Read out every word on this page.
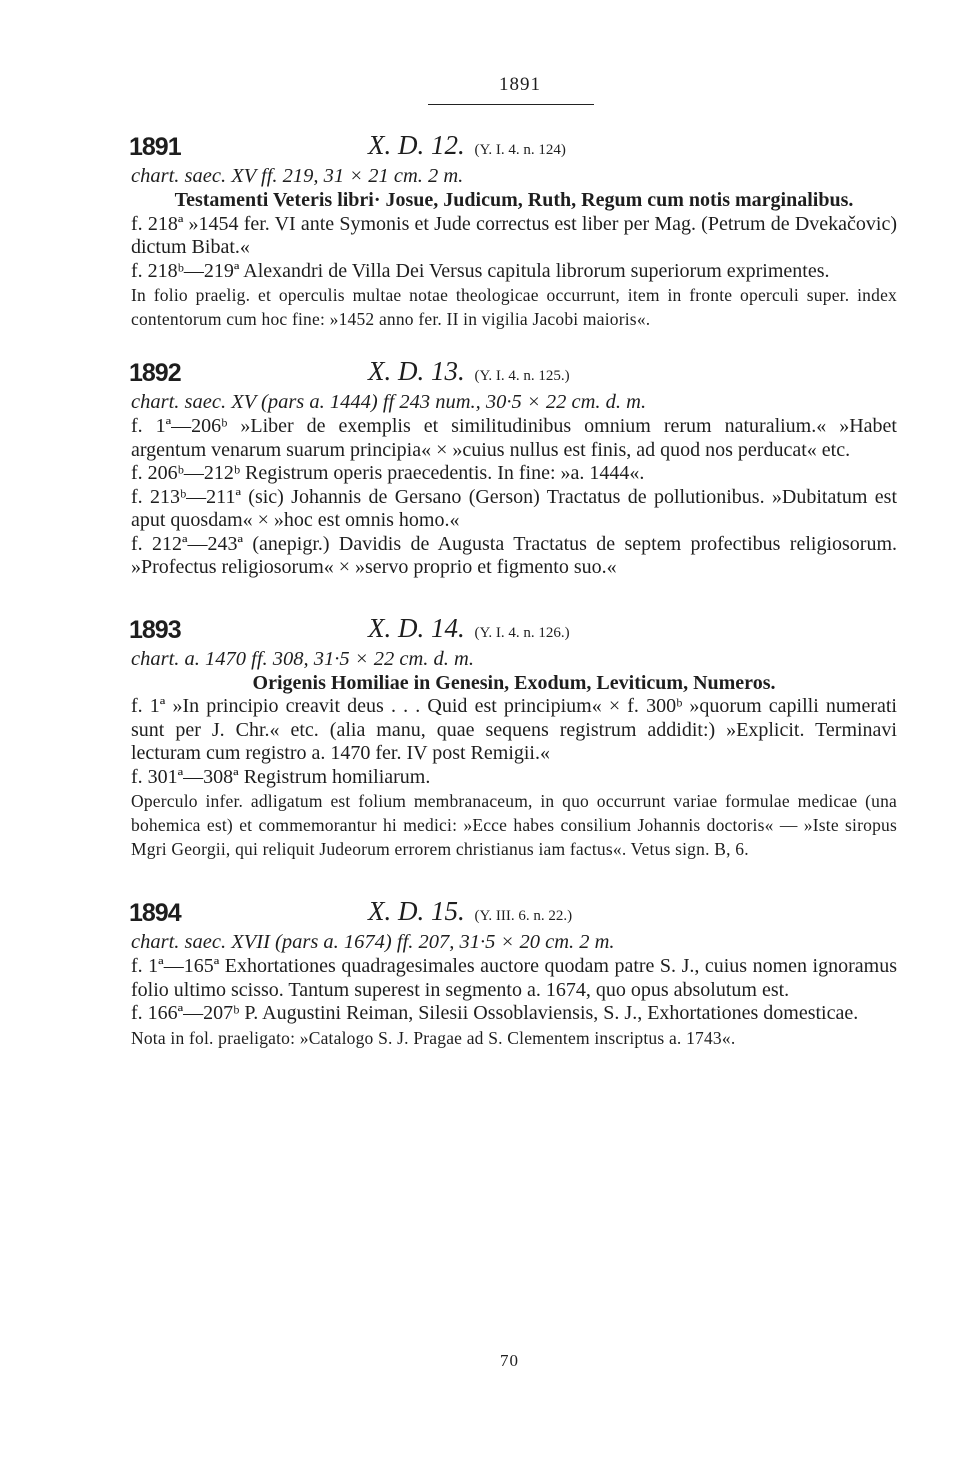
1891
1891	X. D. 12. (Y. I. 4. n. 124)
chart. saec. XV ff. 219, 31 × 21 cm. 2 m.

Testamenti Veteris libri· Josue, Judicum, Ruth, Regum cum notis marginalibus.

f. 218ª »1454 fer. VI ante Symonis et Jude correctus est liber per Mag. (Petrum de Dvekačovic) dictum Bibat.«

f. 218ᵇ—219ª Alexandri de Villa Dei Versus capitula librorum superiorum exprimentes.

In folio praelig. et operculis multae notae theologicae occurrunt, item in fronte operculi super. index contentorum cum hoc fine: »1452 anno fer. II in vigilia Jacobi maioris«.

1892	X. D. 13. (Y. I. 4. n. 125.)
chart. saec. XV (pars a. 1444) ff 243 num., 30·5 × 22 cm. d. m.

f. 1ª—206ᵇ »Liber de exemplis et similitudinibus omnium rerum naturalium.« »Habet argentum venarum suarum principia« × »cuius nullus est finis, ad quod nos perducat« etc.

f. 206ᵇ—212ᵇ Registrum operis praecedentis. In fine: »a. 1444«.

f. 213ᵇ—211ª (sic) Johannis de Gersano (Gerson) Tractatus de pollutionibus. »Dubitatum est aput quosdam« × »hoc est omnis homo.«

f. 212ª—243ª (anepigr.) Davidis de Augusta Tractatus de septem profectibus religiosorum. »Profectus religiosorum« × »servo proprio et figmento suo.«

1893	X. D. 14. (Y. I. 4. n. 126.)
chart. a. 1470 ff. 308, 31·5 × 22 cm. d. m.

Origenis Homiliae in Genesin, Exodum, Leviticum, Numeros.

f. 1ª »In principio creavit deus . . . Quid est principium« × f. 300ᵇ »quorum capilli numerati sunt per J. Chr.« etc. (alia manu, quae sequens registrum addidit:) »Explicit. Terminavi lecturam cum registro a. 1470 fer. IV post Remigii.«

f. 301ª—308ª Registrum homiliarum.

Operculo infer. adligatum est folium membranaceum, in quo occurrunt variae formulae medicae (una bohemica est) et commemorantur hi medici: »Ecce habes consilium Johannis doctoris« — »Iste siropus Mgri Georgii, qui reliquit Judeorum errorem christianus iam factus«. Vetus sign. B, 6.

1894	X. D. 15. (Y. III. 6. n. 22.)
chart. saec. XVII (pars a. 1674) ff. 207, 31·5 × 20 cm. 2 m.

f. 1ª—165ª Exhortationes quadragesimales auctore quodam patre S. J., cuius nomen ignoramus folio ultimo scisso. Tantum superest in segmento a. 1674, quo opus absolutum est.

f. 166ª—207ᵇ P. Augustini Reiman, Silesii Ossoblaviensis, S. J., Exhortationes domesticae.

Nota in fol. praeligato: »Catalogo S. J. Pragae ad S. Clementem inscriptus a. 1743«.

70
